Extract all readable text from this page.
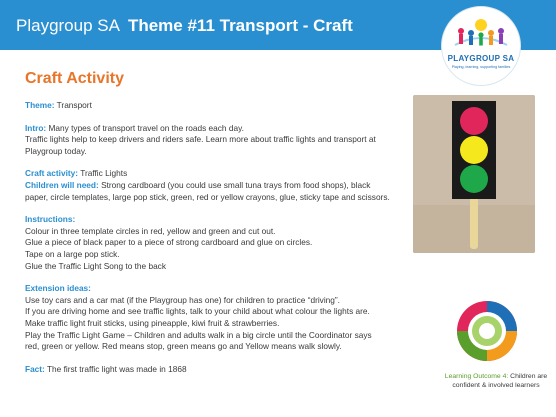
Playgroup SA Theme #11 Transport - Craft
PLAYGROUP SA
Playing, learning, supporting families
Craft Activity

Theme: Transport

Intro: Many types of transport travel on the roads each day.

Traffic lights help to keep drivers and riders safe. Learn more about traffic lights and transport at

Playgroup today.

Craft activity: Traffic Lights

Children will need: Strong cardboard (you could use small tuna trays from food shops), black

paper, circle templates, large pop stick, green, red or yellow crayons, glue, sticky tape and scissors.

Instructions:

Colour in three template circles in red, yellow and green and cut out.

Glue a piece of black paper to a piece of strong cardboard and glue on circles.

Tape on a large pop stick.

Glue the Traffic Light Song to the back

Extension ideas:

Use toy cars and a car mat (if the Playgroup has one) for children to practice “driving”.

If you are driving home and see traffic lights, talk to your child about what colour the lights are.

Make traffic light fruit sticks, using pineapple, kiwi fruit & strawberries.

Play the Traffic Light Game – Children and adults walk in a big circle until the Coordinator says

red, green or yellow. Red means stop, green means go and Yellow means walk slowly.

Fact: The first traffic light was made in 1868

Learning Outcome 4: Children are
confident & involved learners
